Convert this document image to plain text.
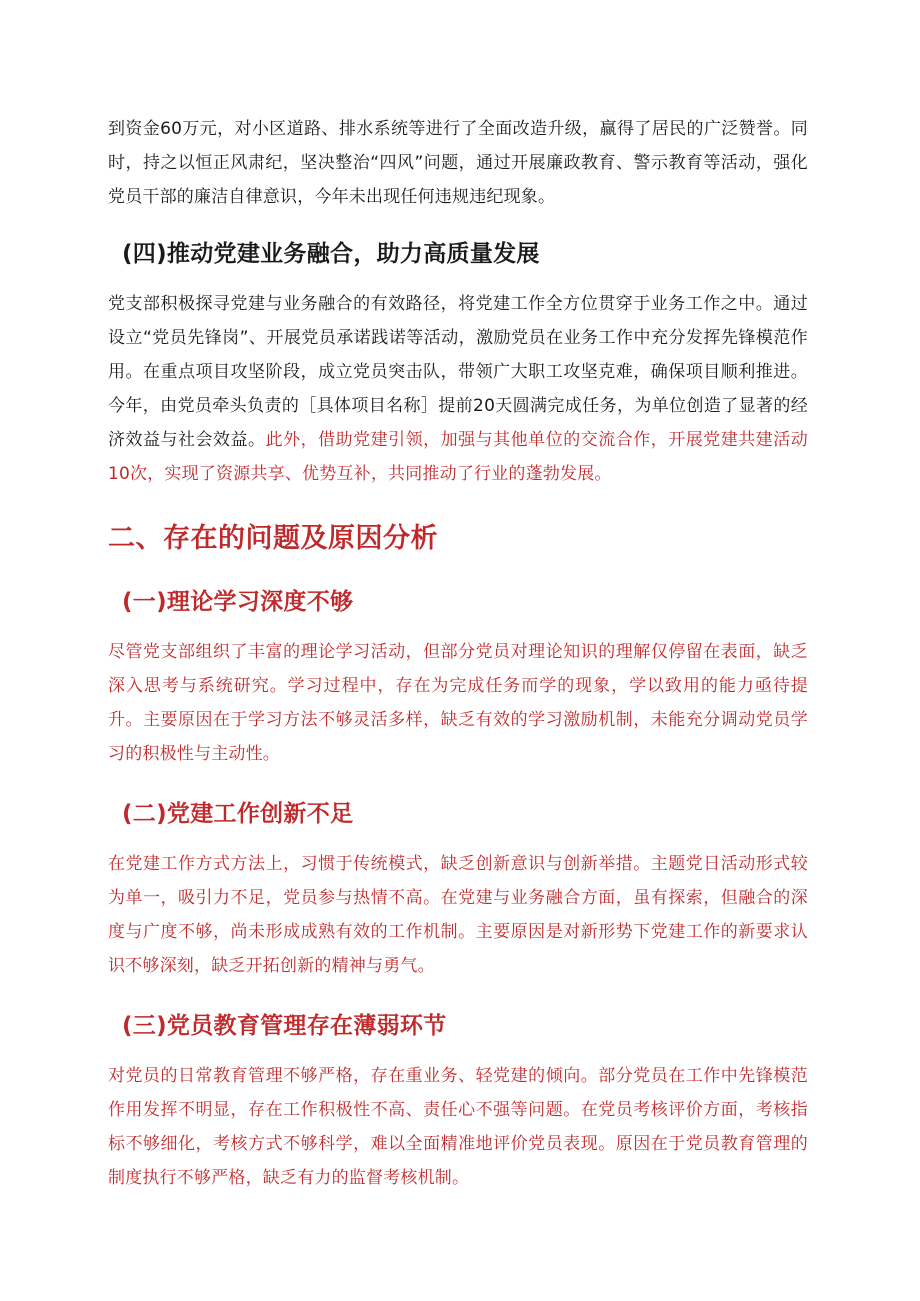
到资金60万元，对小区道路、排水系统等进行了全面改造升级，赢得了居民的广泛赞誉。同时，持之以恒正风肃纪，坚决整治“四风”问题，通过开展廉政教育、警示教育等活动，强化党员干部的廉洁自律意识，今年未出现任何违规违纪现象。

(四)推动党建业务融合，助力高质量发展

党支部积极探寻党建与业务融合的有效路径，将党建工作全方位贯穿于业务工作之中。通过设立“党员先锋岗”、开展党员承诺践诺等活动，激励党员在业务工作中充分发挥先锋模范作用。在重点项目攻坚阶段，成立党员突击队，带领广大职工攻坚克难，确保项目顺利推进。今年，由党员牵头负责的［具体项目名称］提前20天圆满完成任务，为单位创造了显著的经济效益与社会效益。此外，借助党建引领，加强与其他单位的交流合作，开展党建共建活动10次，实现了资源共享、优势互补，共同推动了行业的蓬勃发展。

二、存在的问题及原因分析
(一)理论学习深度不够

尽管党支部组织了丰富的理论学习活动，但部分党员对理论知识的理解仅停留在表面，缺乏深入思考与系统研究。学习过程中，存在为完成任务而学的现象，学以致用的能力亟待提升。主要原因在于学习方法不够灵活多样，缺乏有效的学习激励机制，未能充分调动党员学习的积极性与主动性。

(二)党建工作创新不足

在党建工作方式方法上，习惯于传统模式，缺乏创新意识与创新举措。主题党日活动形式较为单一，吸引力不足，党员参与热情不高。在党建与业务融合方面，虽有探索，但融合的深度与广度不够，尚未形成成熟有效的工作机制。主要原因是对新形势下党建工作的新要求认识不够深刻，缺乏开拓创新的精神与勇气。

(三)党员教育管理存在薄弱环节

对党员的日常教育管理不够严格，存在重业务、轻党建的倾向。部分党员在工作中先锋模范作用发挥不明显，存在工作积极性不高、责任心不强等问题。在党员考核评价方面，考核指标不够细化，考核方式不够科学，难以全面精准地评价党员表现。原因在于党员教育管理的制度执行不够严格，缺乏有力的监督考核机制。
